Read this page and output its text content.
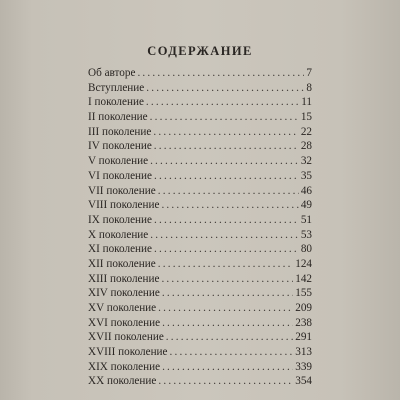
СОДЕРЖАНИЕ
Об авторе .....	7
Вступление .....	8
I поколение .....	11
II поколение .....	15
III поколение .....	22
IV поколение .....	28
V поколение .....	32
VI поколение .....	35
VII поколение .....	46
VIII поколение .....	49
IX поколение .....	51
X поколение .....	53
XI поколение .....	80
XII поколение .....	124
XIII поколение .....	142
XIV поколение .....	155
XV поколение .....	209
XVI поколение .....	238
XVII поколение .....	291
XVIII поколение .....	313
XIX поколение .....	339
XX поколение .....	354
